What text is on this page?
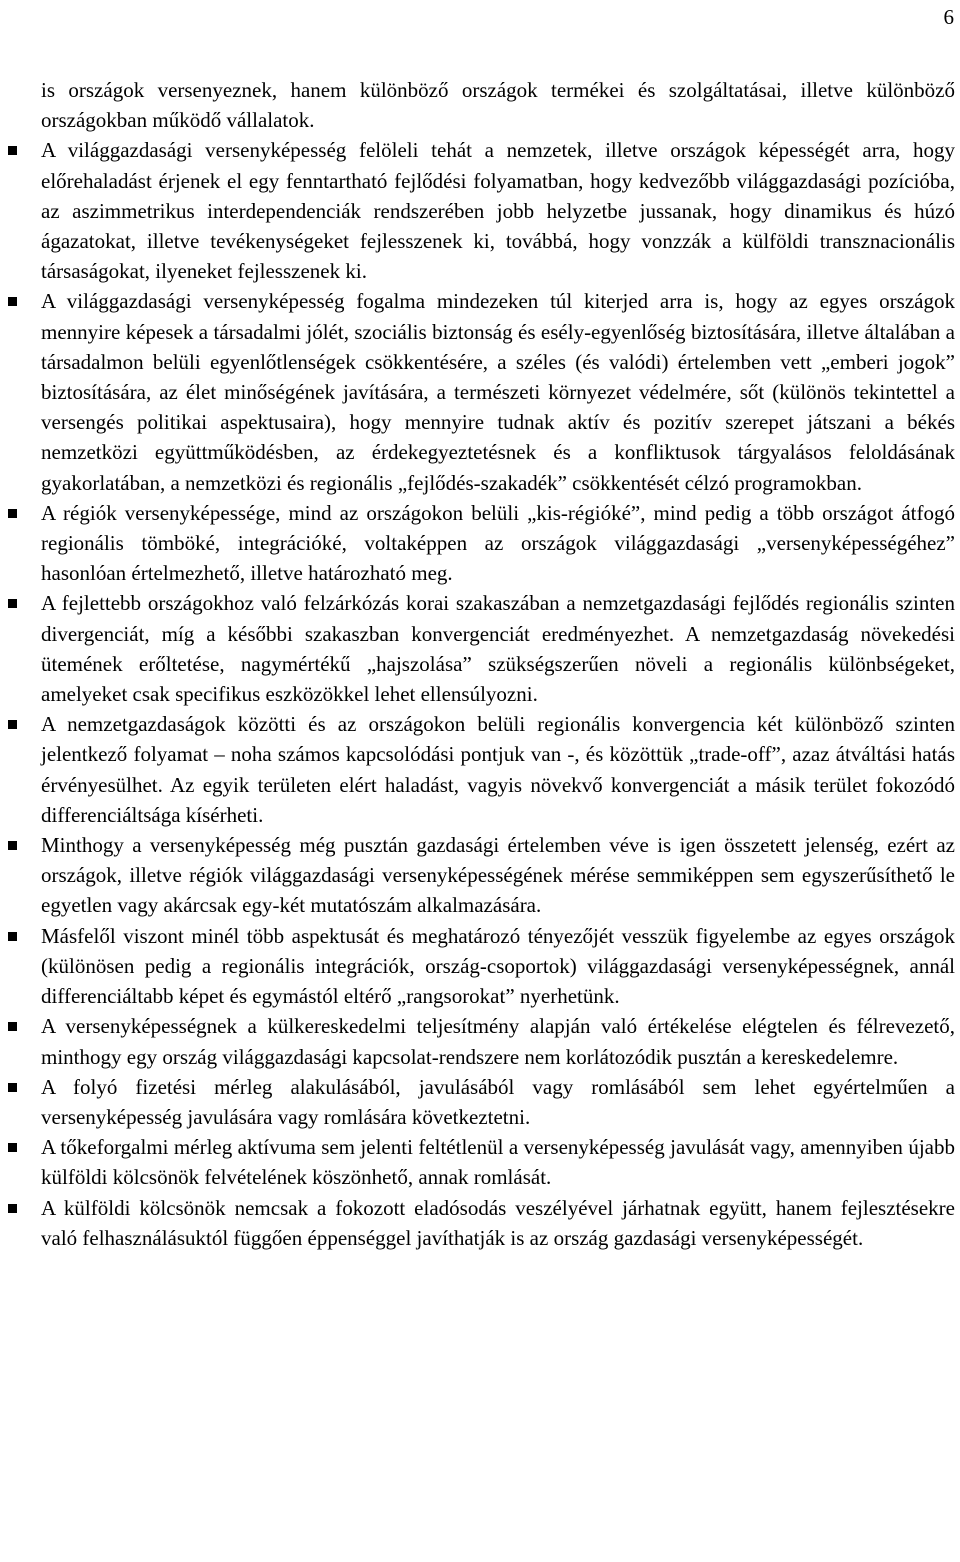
6

is országok versenyeznek, hanem különböző országok termékei és szolgáltatásai, illetve különböző országokban működő vállalatok.

A világgazdasági versenyképesség felöleli tehát a nemzetek, illetve országok képességét arra, hogy előrehaladást érjenek el egy fenntartható fejlődési folyamatban, hogy kedvezőbb világgazdasági pozícióba, az aszimmetrikus interdependenciák rendszerében jobb helyzetbe jussanak, hogy dinamikus és húzó ágazatokat, illetve tevékenységeket fejlesszenek ki, továbbá, hogy vonzzák a külföldi transznacionális társaságokat, ilyeneket fejlesszenek ki.
A világgazdasági versenyképesség fogalma mindezeken túl kiterjed arra is, hogy az egyes országok mennyire képesek a társadalmi jólét, szociális biztonság és esély-egyenlőség biztosítására, illetve általában a társadalmon belüli egyenlőtlenségek csökkentésére, a széles (és valódi) értelemben vett „emberi jogok” biztosítására, az élet minőségének javítására, a természeti környezet védelmére, sőt (különös tekintettel a versengés politikai aspektusaira), hogy mennyire tudnak aktív és pozitív szerepet játszani a békés nemzetközi együttműködésben, az érdekegyeztetésnek és a konfliktusok tárgyalásos feloldásának gyakorlatában, a nemzetközi és regionális „fejlődés-szakadék” csökkentését célzó programokban.
A régiók versenyképessége, mind az országokon belüli „kis-régióké”, mind pedig a több országot átfogó regionális tömböké, integrációké, voltaképpen az országok világgazdasági „versenyképességéhez” hasonlóan értelmezhető, illetve határozható meg.
A fejlettebb országokhoz való felzárkózás korai szakaszában a nemzetgazdasági fejlődés regionális szinten divergenciát, míg a későbbi szakaszban konvergenciát eredményezhet. A nemzetgazdaság növekedési ütemének erőltetése, nagymértékű „hajszolása” szükségszerűen növeli a regionális különbségeket, amelyeket csak specifikus eszközökkel lehet ellensúlyozni.
A nemzetgazdaságok közötti és az országokon belüli regionális konvergencia két különböző szinten jelentkező folyamat – noha számos kapcsolódási pontjuk van -, és közöttük „trade-off”, azaz átváltási hatás érvényesülhet. Az egyik területen elért haladást, vagyis növekvő konvergenciát a másik terület fokozódó differenciáltsága kísérheti.
Minthogy a versenyképesség még pusztán gazdasági értelemben véve is igen összetett jelenség, ezért az országok, illetve régiók világgazdasági versenyképességének mérése semmiképpen sem egyszerűsíthető le egyetlen vagy akárcsak egy-két mutatószám alkalmazására.
Másfelől viszont minél több aspektusát és meghatározó tényezőjét vesszük figyelembe az egyes országok (különösen pedig a regionális integrációk, ország-csoportok) világgazdasági versenyképességnek, annál differenciáltabb képet és egymástól eltérő „rangsorokat” nyerhetünk.
A versenyképességnek a külkereskedelmi teljesítmény alapján való értékelése elégtelen és félrevezető, minthogy egy ország világgazdasági kapcsolat-rendszere nem korlátozódik pusztán a kereskedelemre.
A folyó fizetési mérleg alakulásából, javulásából vagy romlásából sem lehet egyértelműen a versenyképesség javulására vagy romlására következtetni.
A tőkeforgalmi mérleg aktívuma sem jelenti feltétlenül a versenyképesség javulását vagy, amennyiben újabb külföldi kölcsönök felvételének köszönhető, annak romlását.
A külföldi kölcsönök nemcsak a fokozott eladósodás veszélyével járhatnak együtt, hanem fejlesztésekre való felhasználásuktól függően éppenséggel javíthatják is az ország gazdasági versenyképességét.
